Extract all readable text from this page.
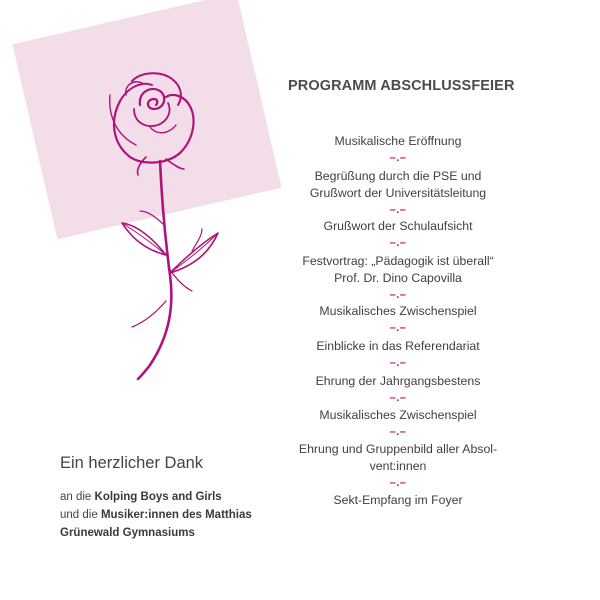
PROGRAMM ABSCHLUSSFEIER
Musikalische Eröffnung
–.–
Begrüßung durch die PSE und
Grußwort der Universitätsleitung
–.–
Grußwort der Schulaufsicht
–.–
Festvortrag: „Pädagogik ist überall“
Prof. Dr. Dino Capovilla
–.–
Musikalisches Zwischenspiel
–.–
Einblicke in das Referendariat
–.–
Ehrung der Jahrgangsbestens
–.–
Musikalisches Zwischenspiel
–.–
Ehrung und Gruppenbild aller Absol-
vent:innen
–.–
Sekt-Empfang im Foyer
Ein herzlicher Dank
an die Kolping Boys and Girls
und die Musiker:innen des Matthias
Grünewald Gymnasiums
